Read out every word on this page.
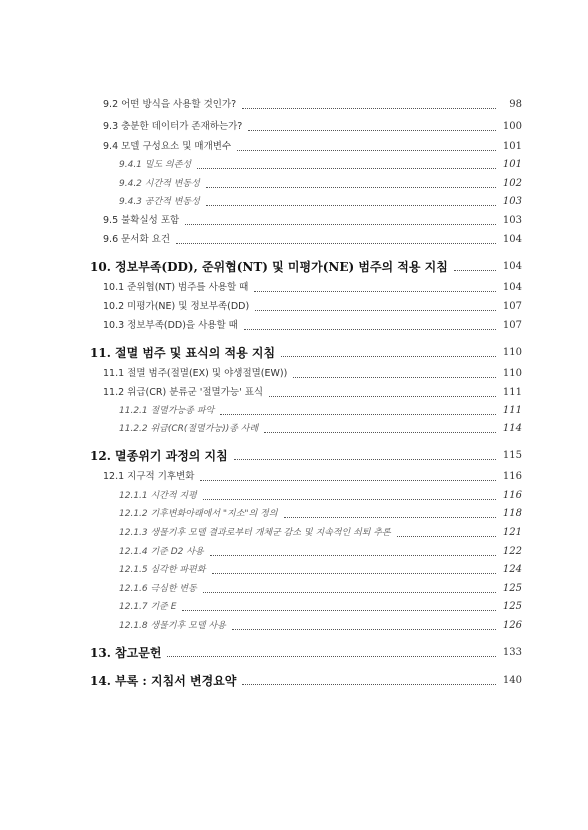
9.2 어떤 방식을 사용할 것인가?	98
9.3 충분한 데이터가 존재하는가?	100
9.4 모델 구성요소 및 매개변수	101
9.4.1 밀도 의존성	101
9.4.2 시간적 변동성	102
9.4.3 공간적 변동성	103
9.5 불확실성 포함	103
9.6 문서화 요건	104
10. 정보부족(DD), 준위협(NT) 및 미평가(NE) 범주의 적용 지침	104
10.1 준위협(NT) 범주를 사용할 때	104
10.2 미평가(NE) 및 정보부족(DD)	107
10.3 정보부족(DD)을 사용할 때	107
11. 절멸 범주 및 표식의 적용 지침	110
11.1 절멸 범주(절멸(EX) 및 야생절멸(EW))	110
11.2 위급(CR) 분류군 '절멸가능' 표식	111
11.2.1 절멸가능종 파악	111
11.2.2 위급(CR(절멸가능))종 사례	114
12. 멸종위기 과정의 지침	115
12.1 지구적 기후변화	116
12.1.1 시간적 지평	116
12.1.2 기후변화아래에서 "지소"의 정의	118
12.1.3 생물기후 모델 결과로부터 개체군 감소 및 지속적인 쇠퇴 추론	121
12.1.4 기준 D2 사용	122
12.1.5 심각한 파편화	124
12.1.6 극심한 변동	125
12.1.7 기준 E	125
12.1.8 생물기후 모델 사용	126
13. 참고문헌	133
14. 부록 : 지침서 변경요약	140
